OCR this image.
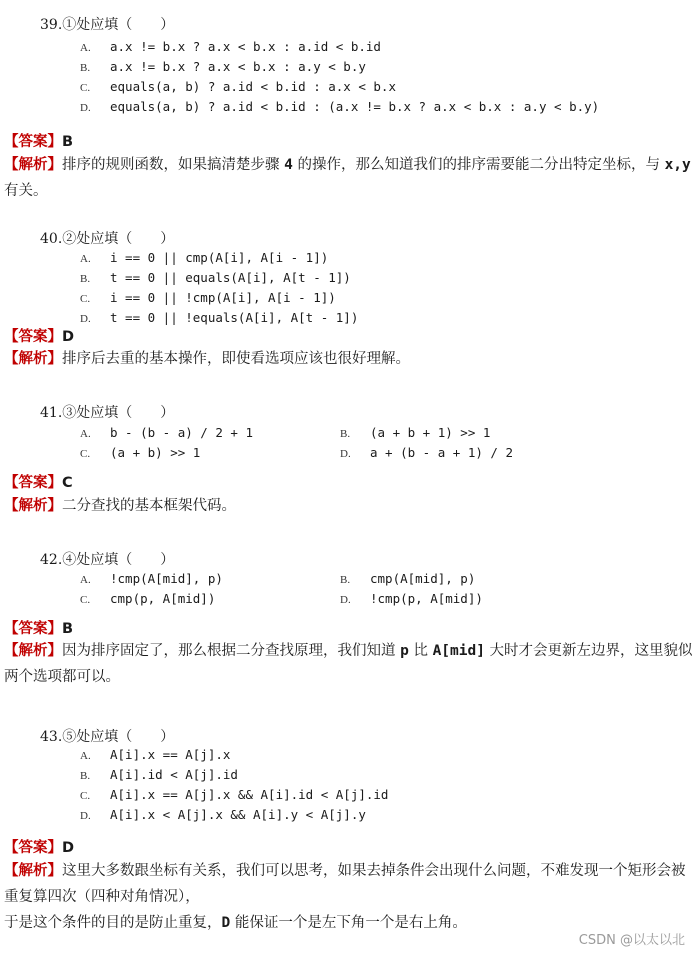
39.①处应填（　　）
A. a.x != b.x ? a.x < b.x : a.id < b.id
B. a.x != b.x ? a.x < b.x : a.y < b.y
C. equals(a, b) ? a.id < b.id : a.x < b.x
D. equals(a, b) ? a.id < b.id : (a.x != b.x ? a.x < b.x : a.y < b.y)
【答案】B
【解析】排序的规则函数，如果搞清楚步骤 4 的操作，那么知道我们的排序需要能二分出特定坐标，与 x,y 有关。
40.②处应填（　　）
A. i == 0 || cmp(A[i], A[i - 1])
B. t == 0 || equals(A[i], A[t - 1])
C. i == 0 || !cmp(A[i], A[i - 1])
D. t == 0 || !equals(A[i], A[t - 1])
【答案】D
【解析】排序后去重的基本操作，即使看选项应该也很好理解。
41.③处应填（　　）
A. b - (b - a) / 2 + 1	B. (a + b + 1) >> 1
C. (a + b) >> 1	D. a + (b - a + 1) / 2
【答案】C
【解析】二分查找的基本框架代码。
42.④处应填（　　）
A. !cmp(A[mid], p)	B. cmp(A[mid], p)
C. cmp(p, A[mid])	D. !cmp(p, A[mid])
【答案】B
【解析】因为排序固定了，那么根据二分查找原理，我们知道 p 比 A[mid] 大时才会更新左边界，这里貌似两个选项都可以。
43.⑤处应填（　　）
A. A[i].x == A[j].x
B. A[i].id < A[j].id
C. A[i].x == A[j].x && A[i].id < A[j].id
D. A[i].x < A[j].x && A[i].y < A[j].y
【答案】D
【解析】这里大多数跟坐标有关系，我们可以思考，如果去掉条件会出现什么问题，不难发现一个矩形会被重复算四次（四种对角情况），
于是这个条件的目的是防止重复，D 能保证一个是左下角一个是右上角。
CSDN @以太以北
